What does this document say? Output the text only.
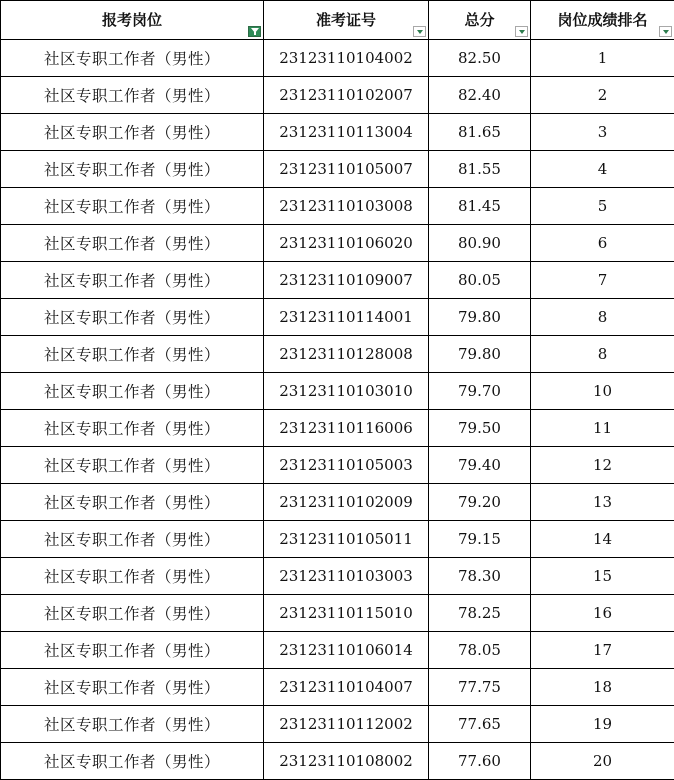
报考岗位	准考证号	总分	岗位成绩排名

社区专职工作者（男性）	23123110104002	82.50	1
社区专职工作者（男性）	23123110102007	82.40	2
社区专职工作者（男性）	23123110113004	81.65	3
社区专职工作者（男性）	23123110105007	81.55	4
社区专职工作者（男性）	23123110103008	81.45	5
社区专职工作者（男性）	23123110106020	80.90	6
社区专职工作者（男性）	23123110109007	80.05	7
社区专职工作者（男性）	23123110114001	79.80	8
社区专职工作者（男性）	23123110128008	79.80	8
社区专职工作者（男性）	23123110103010	79.70	10
社区专职工作者（男性）	23123110116006	79.50	11
社区专职工作者（男性）	23123110105003	79.40	12
社区专职工作者（男性）	23123110102009	79.20	13
社区专职工作者（男性）	23123110105011	79.15	14
社区专职工作者（男性）	23123110103003	78.30	15
社区专职工作者（男性）	23123110115010	78.25	16
社区专职工作者（男性）	23123110106014	78.05	17
社区专职工作者（男性）	23123110104007	77.75	18
社区专职工作者（男性）	23123110112002	77.65	19
社区专职工作者（男性）	23123110108002	77.60	20
